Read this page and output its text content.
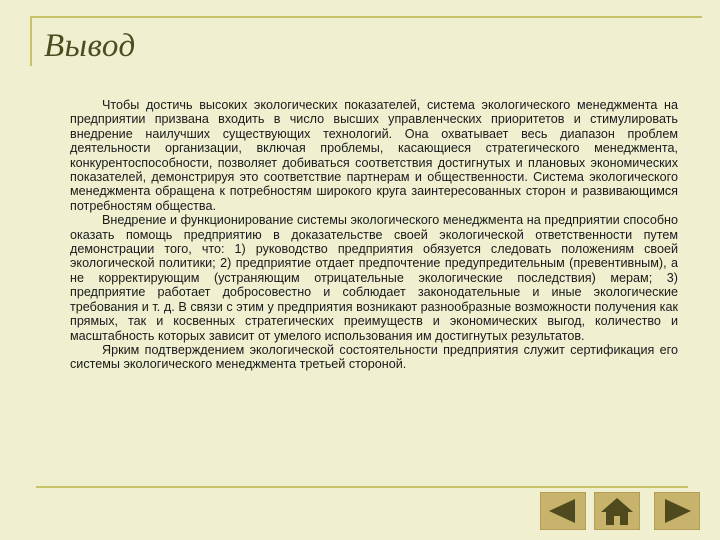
Вывод

Чтобы достичь высоких экологических показателей, система экологического менеджмента на предприятии призвана входить в число высших управленческих приоритетов и стимулировать внедрение наилучших существующих технологий. Она охватывает весь диапазон проблем деятельности организации, включая проблемы, касающиеся стратегического менеджмента, конкурентоспособности, позволяет добиваться соответствия достигнутых и плановых экономических показателей, демонстрируя это соответствие партнерам и общественности. Система экологического менеджмента обращена к потребностям широкого круга заинтересованных сторон и развивающимся потребностям общества.

Внедрение и функционирование системы экологического менеджмента на предприятии способно оказать помощь предприятию в доказательстве своей экологической ответственности путем демонстрации того, что: 1) руководство предприятия обязуется следовать положениям своей экологической политики; 2) предприятие отдает предпочтение предупредительным (превентивным), а не корректирующим (устраняющим отрицательные экологические последствия) мерам; 3) предприятие работает добросовестно и соблюдает законодательные и иные экологические требования и т. д. В связи с этим у предприятия возникают разнообразные возможности получения как прямых, так и косвенных стратегических преимуществ и экономических выгод, количество и масштабность которых зависит от умелого использования им достигнутых результатов.

Ярким подтверждением экологической состоятельности предприятия служит сертификация его системы экологического менеджмента третьей стороной.
